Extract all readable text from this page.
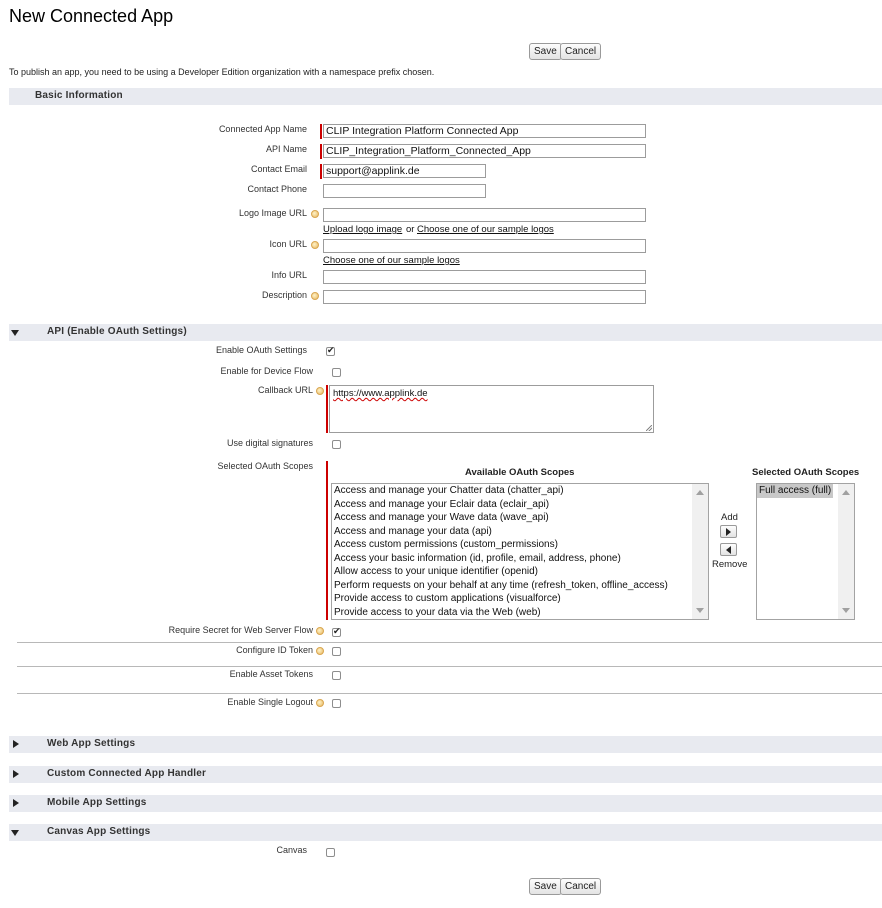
New Connected App
Save Cancel
To publish an app, you need to be using a Developer Edition organization with a namespace prefix chosen.
Basic Information
Connected App Name CLIP Integration Platform Connected App
API Name CLIP_Integration_Platform_Connected_App
Contact Email support@applink.de
Contact Phone
Logo Image URL
Upload logo image or Choose one of our sample logos
Icon URL
Choose one of our sample logos
Info URL
Description
API (Enable OAuth Settings)
Enable OAuth Settings
✔
Enable for Device Flow
Callback URL	https://www.applink.de
Use digital signatures
Selected OAuth Scopes
Available OAuth Scopes	Selected OAuth Scopes
Access and manage your Chatter data (chatter_api)
Access and manage your Eclair data (eclair_api)
Access and manage your Wave data (wave_api)
Access and manage your data (api)
Access custom permissions (custom_permissions)
Access your basic information (id, profile, email, address, phone)
Allow access to your unique identifier (openid)
Perform requests on your behalf at any time (refresh_token, offline_access)
Provide access to custom applications (visualforce)
Provide access to your data via the Web (web)
Add
Remove
Full access (full)
Require Secret for Web Server Flow
✔
Configure ID Token
Enable Asset Tokens
Enable Single Logout
Web App Settings
Custom Connected App Handler
Mobile App Settings
Canvas App Settings
Canvas
Save Cancel
